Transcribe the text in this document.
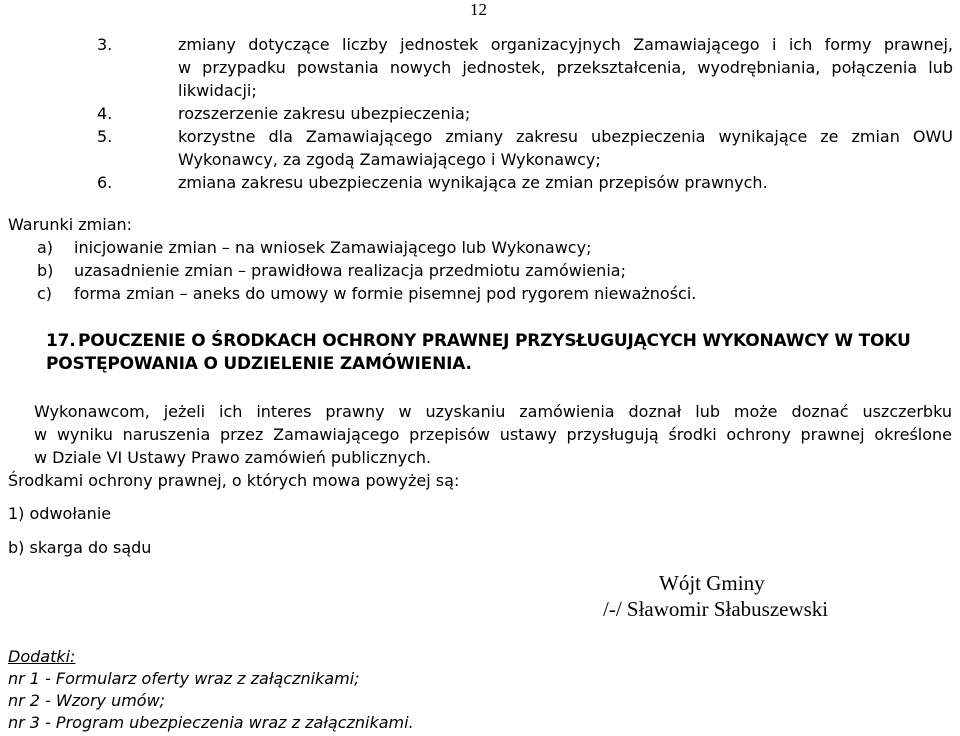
12
3.	zmiany dotyczące liczby jednostek organizacyjnych Zamawiającego i ich formy prawnej,
w przypadku powstania nowych jednostek, przekształcenia, wyodrębniania, połączenia lub
likwidacji;
4.	rozszerzenie zakresu ubezpieczenia;
5.	korzystne dla Zamawiającego zmiany zakresu ubezpieczenia wynikające ze zmian OWU
Wykonawcy, za zgodą Zamawiającego i Wykonawcy;
6.	zmiana zakresu ubezpieczenia wynikająca ze zmian przepisów prawnych.
Warunki zmian:
a) inicjowanie zmian – na wniosek Zamawiającego lub Wykonawcy;
b) uzasadnienie zmian – prawidłowa realizacja przedmiotu zamówienia;
c) forma zmian – aneks do umowy w formie pisemnej pod rygorem nieważności.
17. POUCZENIE O ŚRODKACH OCHRONY PRAWNEJ PRZYSŁUGUJĄCYCH WYKONAWCY W TOKU
POSTĘPOWANIA O UDZIELENIE ZAMÓWIENIA.
Wykonawcom, jeżeli ich interes prawny w uzyskaniu zamówienia doznał lub może doznać uszczerbku
w wyniku naruszenia przez Zamawiającego przepisów ustawy przysługują środki ochrony prawnej określone
w Dziale VI Ustawy Prawo zamówień publicznych.
Środkami ochrony prawnej, o których mowa powyżej są:
1) odwołanie
b) skarga do sądu
Wójt Gminy
/-/ Sławomir Słabuszewski
Dodatki:
nr 1 - Formularz oferty wraz z załącznikami;
nr 2 - Wzory umów;
nr 3 - Program ubezpieczenia wraz z załącznikami.
